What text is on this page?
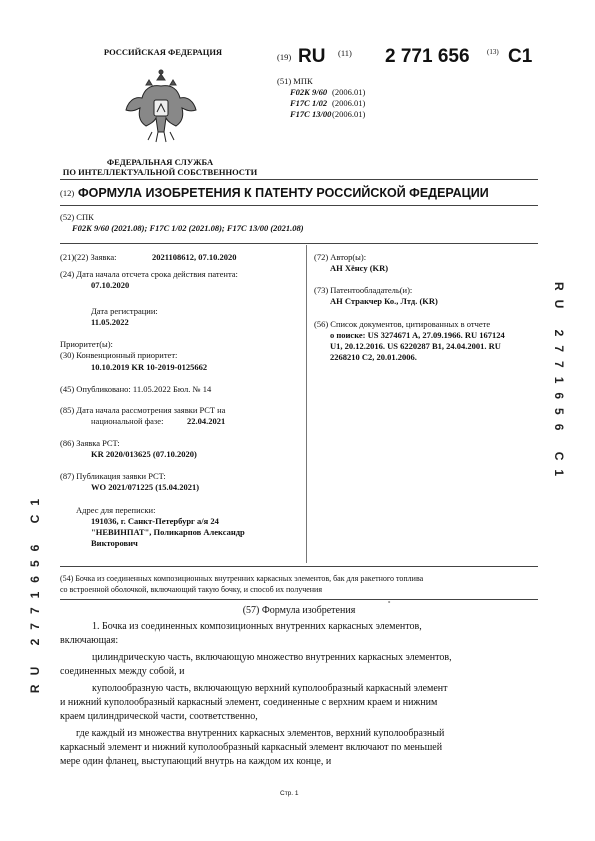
РОССИЙСКАЯ ФЕДЕРАЦИЯ
ФЕДЕРАЛЬНАЯ СЛУЖБА
ПО ИНТЕЛЛЕКТУАЛЬНОЙ СОБСТВЕННОСТИ
(19) RU (11) 2 771 656 (13) C1
(51) МПК
F02K 9/60 (2006.01)
F17C 1/02 (2006.01)
F17C 13/00 (2006.01)
(12) ФОРМУЛА ИЗОБРЕТЕНИЯ К ПАТЕНТУ РОССИЙСКОЙ ФЕДЕРАЦИИ
(52) СПК
F02K 9/60 (2021.08); F17C 1/02 (2021.08); F17C 13/00 (2021.08)
(21)(22) Заявка:	2021108612, 07.10.2020
(24) Дата начала отсчета срока действия патента:
07.10.2020
Дата регистрации:
11.05.2022
Приоритет(ы):
(30) Конвенционный приоритет:
10.10.2019 KR 10-2019-0125662
(45) Опубликовано: 11.05.2022 Бюл. № 14
(85) Дата начала рассмотрения заявки PCT на
национальной фазе:	22.04.2021
(86) Заявка PCT:
KR 2020/013625 (07.10.2020)
(87) Публикация заявки PCT:
WO 2021/071225 (15.04.2021)
Адрес для переписки:
191036, г. Санкт-Петербург а/я 24
"НЕВИНПАТ", Поликарпов Александр
Викторович
(72) Автор(ы):
АН Хёнсу (KR)
(73) Патентообладатель(и):
АН Стракчер Ко., Лтд. (KR)
(56) Список документов, цитированных в отчете
о поиске: US 3274671 A, 27.09.1966. RU 167124
U1, 20.12.2016. US 6220287 B1, 24.04.2001. RU
2268210 C2, 20.01.2006.
(54) Бочка из соединенных композиционных внутренних каркасных элементов, бак для ракетного топлива
со встроенной оболочкой, включающий такую бочку, и способ их получения
(57) Формула изобретения
°
1. Бочка из соединенных композиционных внутренних каркасных элементов,
включающая:
цилиндрическую часть, включающую множество внутренних каркасных элементов,
соединенных между собой, и
куполообразную часть, включающую верхний куполообразный каркасный элемент
и нижний куполообразный каркасный элемент, соединенные с верхним краем и нижним
краем цилиндрической части, соответственно,
где каждый из множества внутренних каркасных элементов, верхний куполообразный
каркасный элемент и нижний куполообразный каркасный элемент включают по меньшей
мере один фланец, выступающий внутрь на каждом их конце, и
RU 2771656 C1
RU 2771656 C1
Стр. 1
